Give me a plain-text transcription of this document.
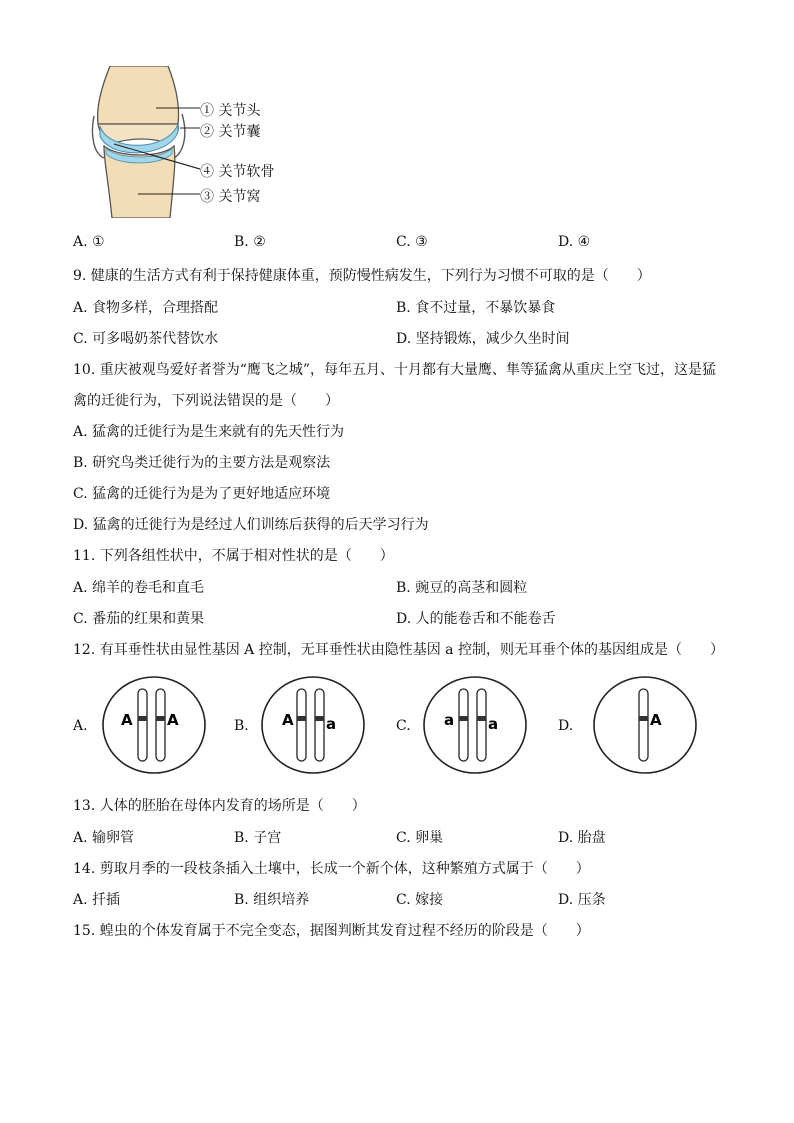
① 关节头
② 关节囊
④ 关节软骨
③ 关节窝
A. ①	B. ②	C. ③	D. ④
9. 健康的生活方式有利于保持健康体重，预防慢性病发生，下列行为习惯不可取的是（　　）
A. 食物多样，合理搭配	B. 食不过量，不暴饮暴食
C. 可多喝奶茶代替饮水	D. 坚持锻炼，减少久坐时间
10. 重庆被观鸟爱好者誉为“鹰飞之城”，每年五月、十月都有大量鹰、隼等猛禽从重庆上空飞过，这是猛
禽的迁徙行为，下列说法错误的是（　　）
A. 猛禽的迁徙行为是生来就有的先天性行为
B. 研究鸟类迁徙行为的主要方法是观察法
C. 猛禽的迁徙行为是为了更好地适应环境
D. 猛禽的迁徙行为是经过人们训练后获得的后天学习行为
11. 下列各组性状中，不属于相对性状的是（　　）
A. 绵羊的卷毛和直毛	B. 豌豆的高茎和圆粒
C. 番茄的红果和黄果	D. 人的能卷舌和不能卷舌
12. 有耳垂性状由显性基因 A 控制，无耳垂性状由隐性基因 a 控制，则无耳垂个体的基因组成是（　　）
A.	B.	C.	D.
A A	A a	a a	A
13. 人体的胚胎在母体内发育的场所是（　　）
A. 输卵管	B. 子宫	C. 卵巢	D. 胎盘
14. 剪取月季的一段枝条插入土壤中，长成一个新个体，这种繁殖方式属于（　　）
A. 扦插	B. 组织培养	C. 嫁接	D. 压条
15. 蝗虫的个体发育属于不完全变态，据图判断其发育过程不经历的阶段是（　　）
